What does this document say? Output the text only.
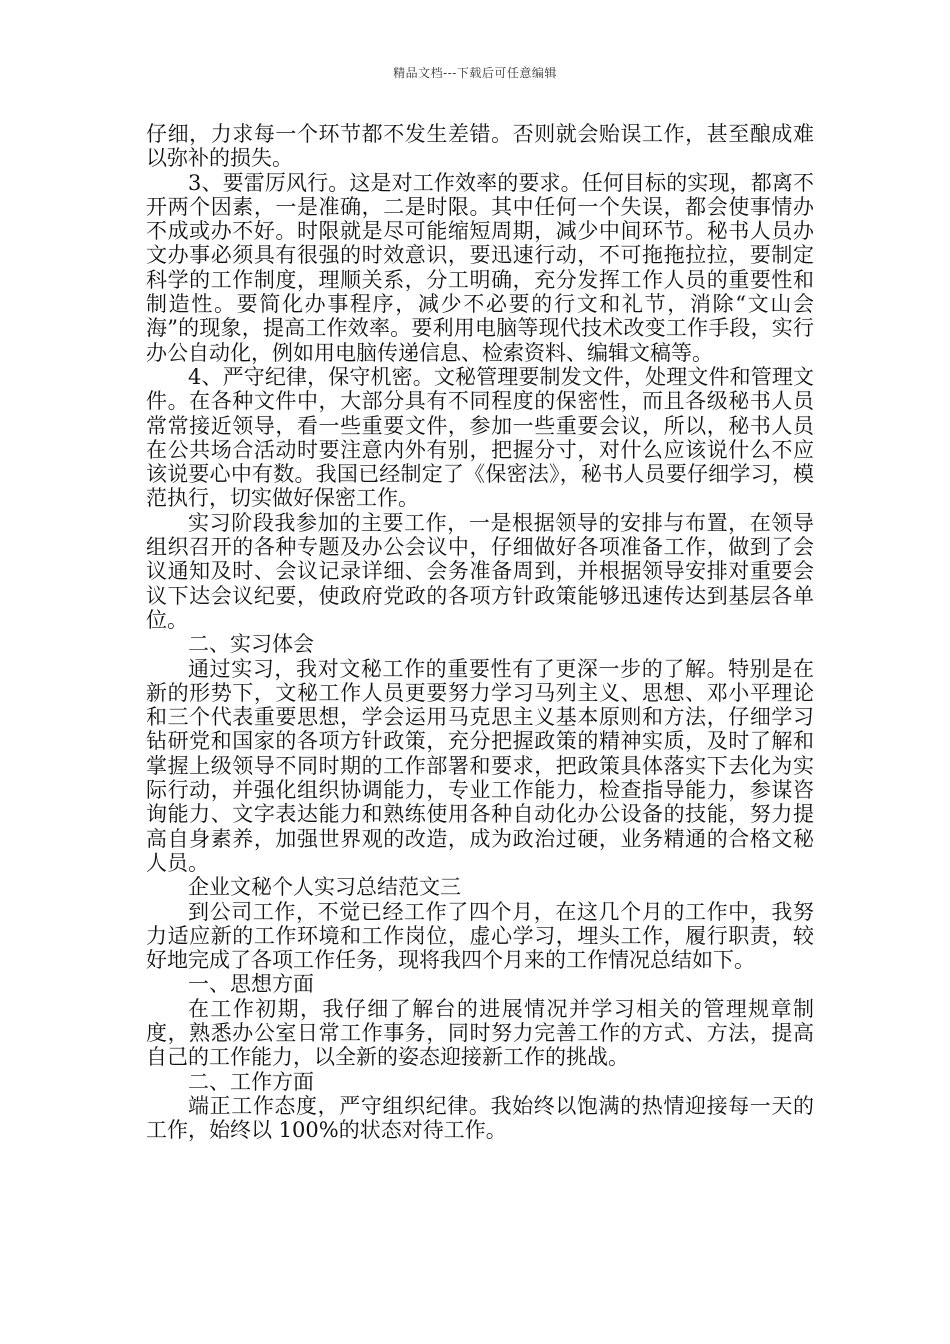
精品文档---下载后可任意编辑

仔细，力求每一个环节都不发生差错。否则就会贻误工作，甚至酿成难以弥补的损失。

3、要雷厉风行。这是对工作效率的要求。任何目标的实现，都离不开两个因素，一是准确，二是时限。其中任何一个失误，都会使事情办不成或办不好。时限就是尽可能缩短周期，减少中间环节。秘书人员办文办事必须具有很强的时效意识，要迅速行动，不可拖拖拉拉，要制定科学的工作制度，理顺关系，分工明确，充分发挥工作人员的重要性和制造性。要简化办事程序，减少不必要的行文和礼节，消除“文山会海”的现象，提高工作效率。要利用电脑等现代技术改变工作手段，实行办公自动化，例如用电脑传递信息、检索资料、编辑文稿等。

4、严守纪律，保守机密。文秘管理要制发文件，处理文件和管理文件。在各种文件中，大部分具有不同程度的保密性，而且各级秘书人员常常接近领导，看一些重要文件，参加一些重要会议，所以，秘书人员在公共场合活动时要注意内外有别，把握分寸，对什么应该说什么不应该说要心中有数。我国已经制定了《保密法》，秘书人员要仔细学习，模范执行，切实做好保密工作。

实习阶段我参加的主要工作，一是根据领导的安排与布置，在领导组织召开的各种专题及办公会议中，仔细做好各项准备工作，做到了会议通知及时、会议记录详细、会务准备周到，并根据领导安排对重要会议下达会议纪要，使政府党政的各项方针政策能够迅速传达到基层各单位。

二、实习体会

通过实习，我对文秘工作的重要性有了更深一步的了解。特别是在新的形势下，文秘工作人员更要努力学习马列主义、思想、邓小平理论和三个代表重要思想，学会运用马克思主义基本原则和方法，仔细学习钻研党和国家的各项方针政策，充分把握政策的精神实质，及时了解和掌握上级领导不同时期的工作部署和要求，把政策具体落实下去化为实际行动，并强化组织协调能力，专业工作能力，检查指导能力，参谋咨询能力、文字表达能力和熟练使用各种自动化办公设备的技能，努力提高自身素养，加强世界观的改造，成为政治过硬，业务精通的合格文秘人员。

企业文秘个人实习总结范文三

到公司工作，不觉已经工作了四个月，在这几个月的工作中，我努力适应新的工作环境和工作岗位，虚心学习，埋头工作，履行职责，较好地完成了各项工作任务，现将我四个月来的工作情况总结如下。

一、思想方面

在工作初期，我仔细了解台的进展情况并学习相关的管理规章制度，熟悉办公室日常工作事务，同时努力完善工作的方式、方法，提高自己的工作能力，以全新的姿态迎接新工作的挑战。

二、工作方面

端正工作态度，严守组织纪律。我始终以饱满的热情迎接每一天的工作，始终以 100%的状态对待工作。
